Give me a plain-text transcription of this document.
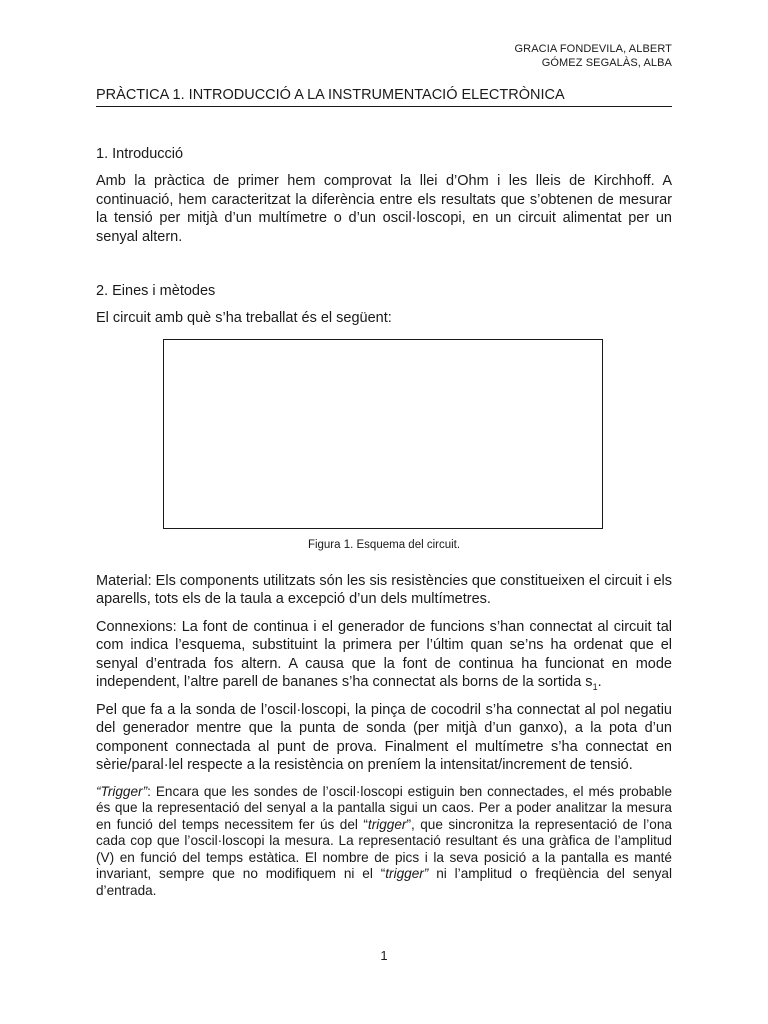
GRACIA FONDEVILA, ALBERT
GÓMEZ SEGALÀS, ALBA
PRÀCTICA 1. INTRODUCCIÓ A LA INSTRUMENTACIÓ ELECTRÒNICA
1. Introducció

Amb la pràctica de primer hem comprovat la llei d’Ohm i les lleis de Kirchhoff. A continuació, hem caracteritzat la diferència entre els resultats que s’obtenen de mesurar la tensió per mitjà d’un multímetre o d’un oscil·loscopi, en un circuit alimentat per un senyal altern.

2. Eines i mètodes

El circuit amb què s’ha treballat és el següent:

Figura 1. Esquema del circuit.

Material: Els components utilitzats són les sis resistències que constitueixen el circuit i els aparells, tots els de la taula a excepció d’un dels multímetres.

Connexions: La font de continua i el generador de funcions s’han connectat al circuit tal com indica l’esquema, substituint la primera per l’últim quan se’ns ha ordenat que el senyal d’entrada fos altern. A causa que la font de continua ha funcionat en mode independent, l’altre parell de bananes s’ha connectat als borns de la sortida $s_1$.

Pel que fa a la sonda de l’oscil·loscopi, la pinça de cocodril s’ha connectat al pol negatiu del generador mentre que la punta de sonda (per mitjà d’un ganxo), a la pota d’un component connectada al punt de prova. Finalment el multímetre s’ha connectat en sèrie/paral·lel respecte a la resistència on preníem la intensitat/increment de tensió.

“Trigger”: Encara que les sondes de l’oscil·loscopi estiguin ben connectades, el més probable és que la representació del senyal a la pantalla sigui un caos. Per a poder analitzar la mesura en funció del temps necessitem fer ús del “trigger”, que sincronitza la representació de l’ona cada cop que l’oscil·loscopi la mesura. La representació resultant és una gràfica de l’amplitud (V) en funció del temps estàtica. El nombre de pics i la seva posició a la pantalla es manté invariant, sempre que no modifiquem ni el “trigger” ni l’amplitud o freqüència del senyal d’entrada.

1
